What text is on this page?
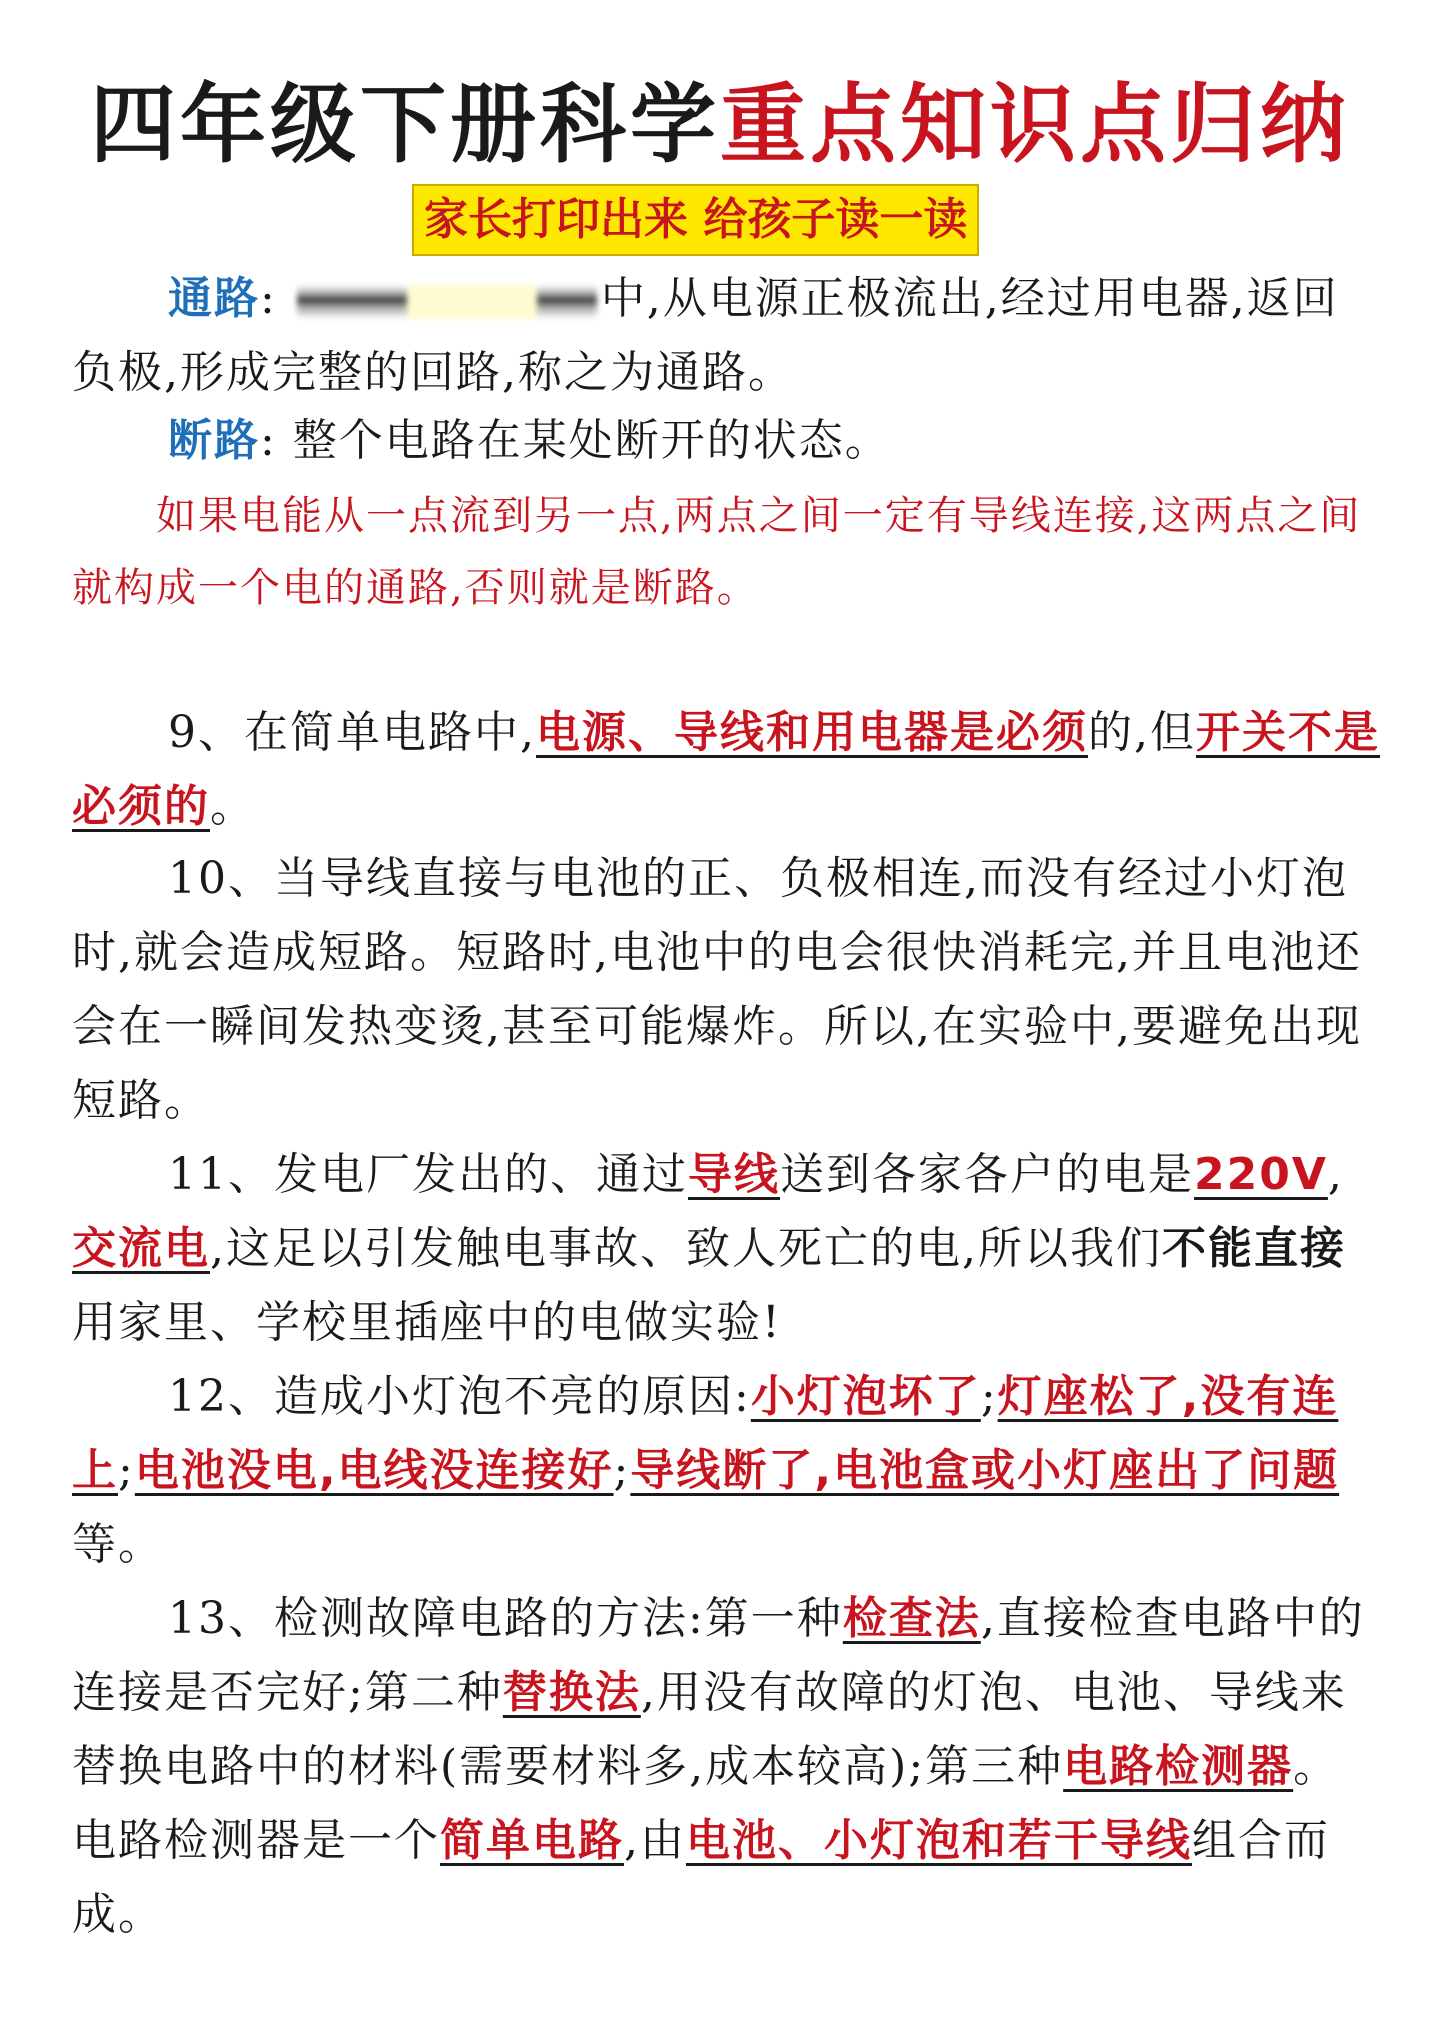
四年级下册科学重点知识点归纳
家长打印出来 给孩子读一读

通路:	中,从电源正极流出,经过用电器,返回负极,形成完整的回路,称之为通路。

断路: 整个电路在某处断开的状态。

如果电能从一点流到另一点,两点之间一定有导线连接,这两点之间就构成一个电的通路,否则就是断路。

9、在简单电路中,电源、导线和用电器是必须的,但开关不是必须的。

10、当导线直接与电池的正、负极相连,而没有经过小灯泡时,就会造成短路。短路时,电池中的电会很快消耗完,并且电池还会在一瞬间发热变烫,甚至可能爆炸。所以,在实验中,要避免出现短路。

11、发电厂发出的、通过导线送到各家各户的电是220V,交流电,这足以引发触电事故、致人死亡的电,所以我们不能直接用家里、学校里插座中的电做实验!

12、造成小灯泡不亮的原因:小灯泡坏了;灯座松了,没有连上;电池没电,电线没连接好;导线断了,电池盒或小灯座出了问题等。

13、检测故障电路的方法:第一种检查法,直接检查电路中的连接是否完好;第二种替换法,用没有故障的灯泡、电池、导线来替换电路中的材料(需要材料多,成本较高);第三种电路检测器。电路检测器是一个简单电路,由电池、小灯泡和若干导线组合而成。
